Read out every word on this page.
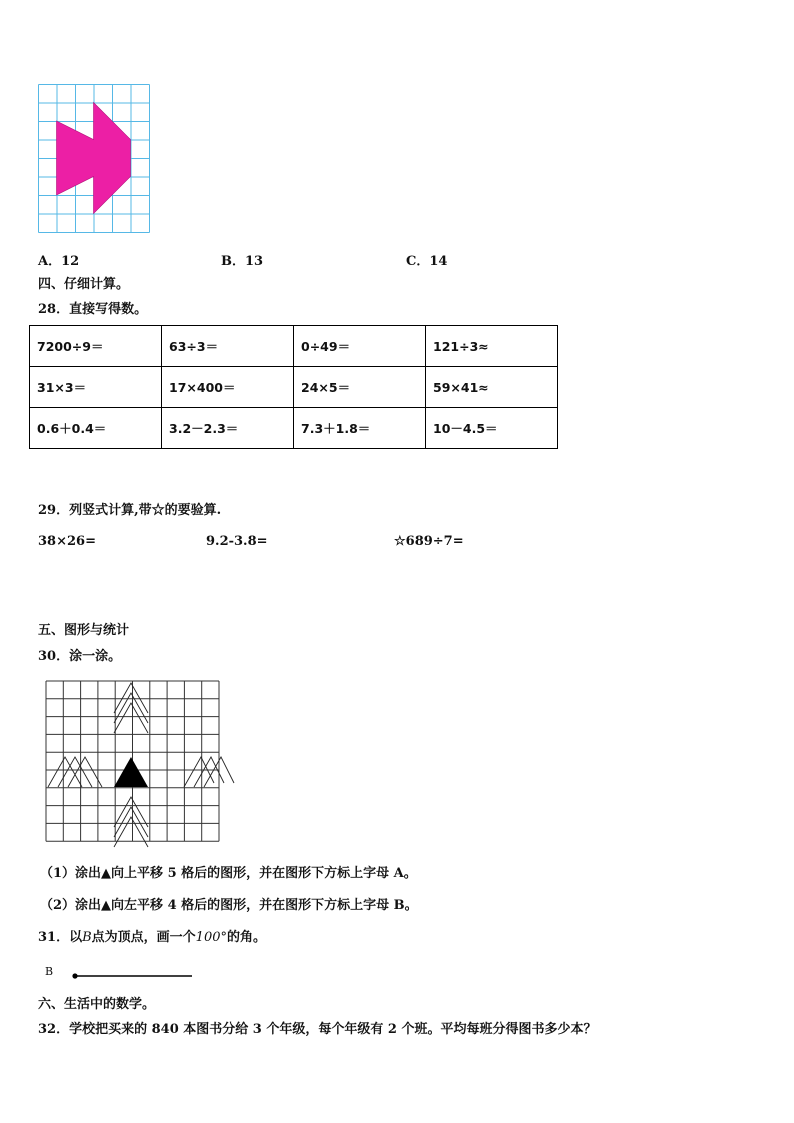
A．12	B．13	C．14
四、仔细计算。
28．直接写得数。
7200÷9＝	63÷3＝	0÷49＝	121÷3≈
31×3＝	17×400＝	24×5＝	59×41≈
0.6＋0.4＝	3.2－2.3＝	7.3＋1.8＝	10－4.5＝
29．列竖式计算,带☆的要验算.
38×26=	9.2-3.8=	☆689÷7=
五、图形与统计
30．涂一涂。
（1）涂出▲向上平移 5 格后的图形，并在图形下方标上字母 A。
（2）涂出▲向左平移 4 格后的图形，并在图形下方标上字母 B。
31．以B点为顶点，画一个100°的角。
B
六、生活中的数学。
32．学校把买来的 840 本图书分给 3 个年级，每个年级有 2 个班。平均每班分得图书多少本？
